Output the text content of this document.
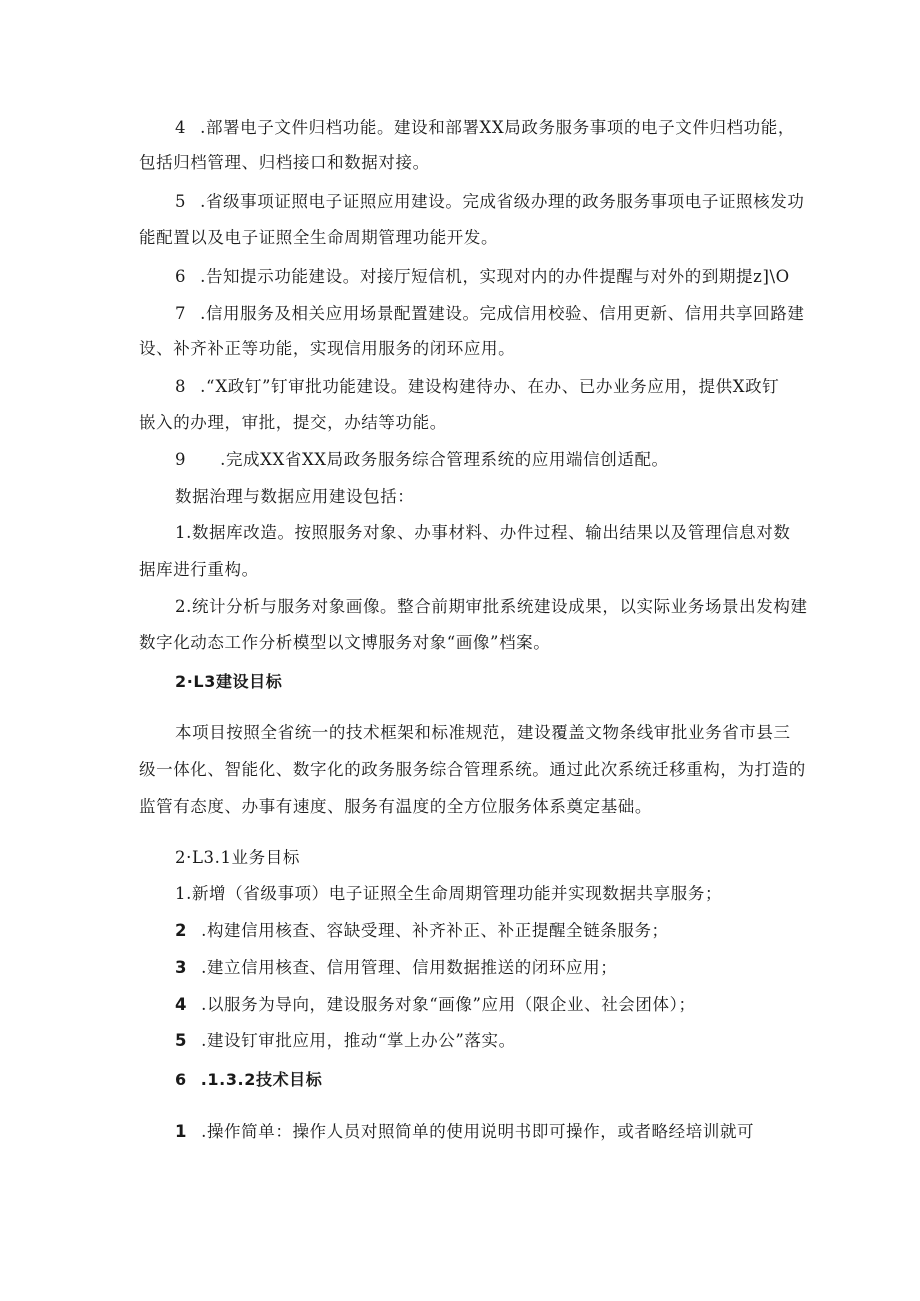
4 .部署电子文件归档功能。建设和部署XX局政务服务事项的电子文件归档功能，
包括归档管理、归档接口和数据对接。
5 .省级事项证照电子证照应用建设。完成省级办理的政务服务事项电子证照核发功
能配置以及电子证照全生命周期管理功能开发。
6 .告知提示功能建设。对接厅短信机，实现对内的办件提醒与对外的到期提z]\O
7 .信用服务及相关应用场景配置建设。完成信用校验、信用更新、信用共享回路建
设、补齐补正等功能，实现信用服务的闭环应用。
8 .“X政钉”钉审批功能建设。建设构建待办、在办、已办业务应用，提供X政钉
嵌入的办理，审批，提交，办结等功能。
9 .完成XX省XX局政务服务综合管理系统的应用端信创适配。
数据治理与数据应用建设包括：
1.数据库改造。按照服务对象、办事材料、办件过程、输出结果以及管理信息对数
据库进行重构。
2.统计分析与服务对象画像。整合前期审批系统建设成果，以实际业务场景出发构建
数字化动态工作分析模型以文博服务对象“画像”档案。
2·L3建设目标
本项目按照全省统一的技术框架和标准规范，建设覆盖文物条线审批业务省市县三
级一体化、智能化、数字化的政务服务综合管理系统。通过此次系统迁移重构，为打造的
监管有态度、办事有速度、服务有温度的全方位服务体系奠定基础。
2·L3.1业务目标
1.新增（省级事项）电子证照全生命周期管理功能并实现数据共享服务；
2 .构建信用核查、容缺受理、补齐补正、补正提醒全链条服务；
3 .建立信用核查、信用管理、信用数据推送的闭环应用；
4 .以服务为导向，建设服务对象“画像”应用（限企业、社会团体）；
5 .建设钉审批应用，推动“掌上办公”落实。
6 .1.3.2技术目标
1 .操作简单：操作人员对照简单的使用说明书即可操作，或者略经培训就可
